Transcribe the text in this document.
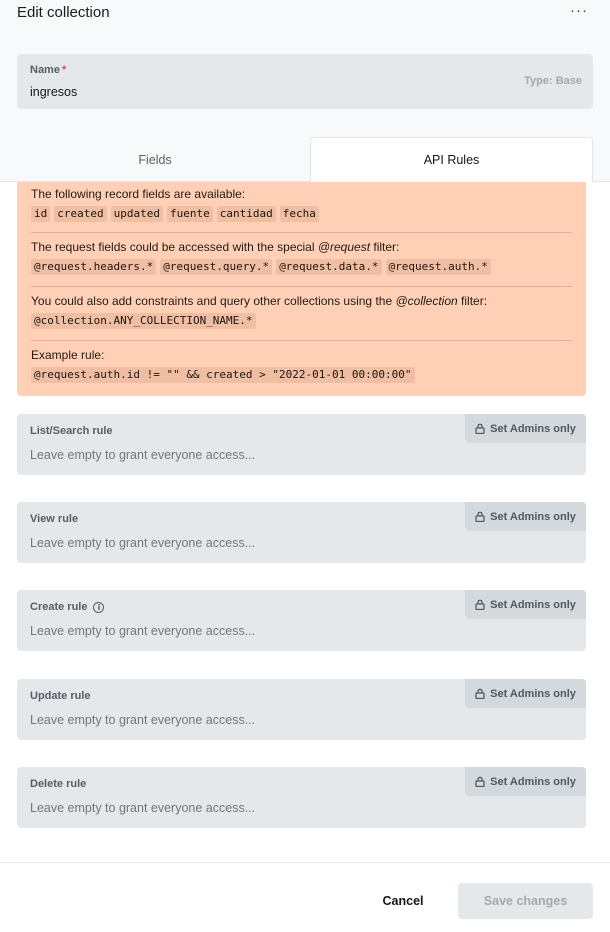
Edit collection	···
Name *
ingresos
Type: Base
Fields	API Rules
The following record fields are available:
id created updated fuente cantidad fecha
The request fields could be accessed with the special @request filter:
@request.headers.* @request.query.* @request.data.* @request.auth.*
You could also add constraints and query other collections using the @collection filter:
@collection.ANY_COLLECTION_NAME.*
Example rule:
@request.auth.id != "" && created > "2022-01-01 00:00:00"
List/Search rule
Leave empty to grant everyone access...	Set Admins only
View rule
Leave empty to grant everyone access...	Set Admins only
Create rule	i
Leave empty to grant everyone access...	Set Admins only
Update rule
Leave empty to grant everyone access...	Set Admins only
Delete rule
Leave empty to grant everyone access...	Set Admins only
Cancel	Save changes
